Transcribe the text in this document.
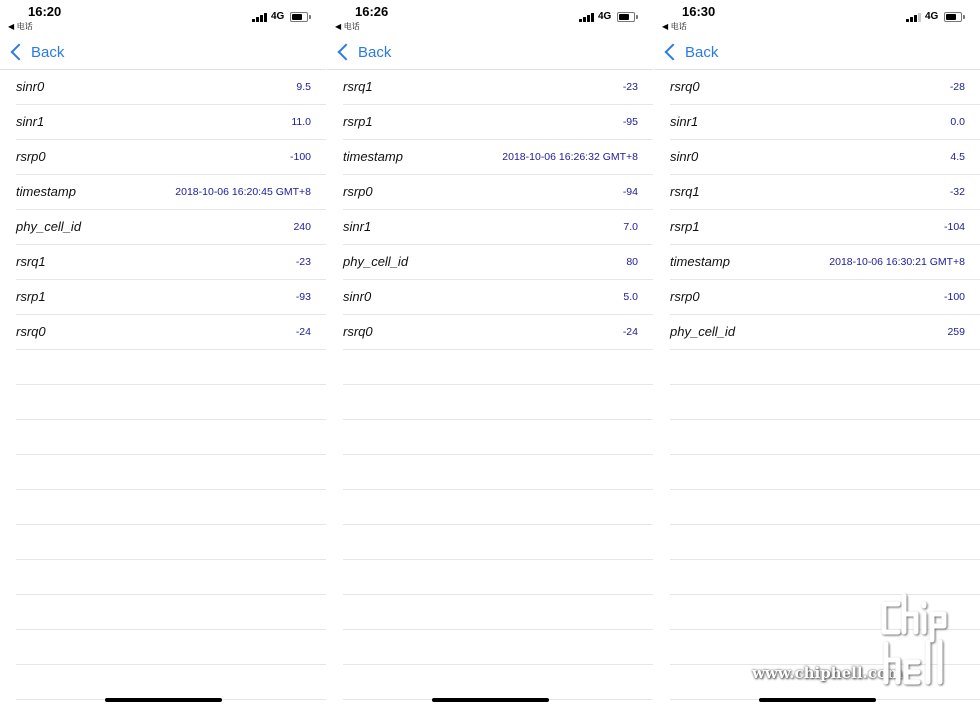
16:20
◀ 电话
4G
Back
sinr0	9.5
sinr1	11.0
rsrp0	-100
timestamp	2018-10-06 16:20:45 GMT+8
phy_cell_id	240
rsrq1	-23
rsrp1	-93
rsrq0	-24
16:26
◀ 电话
4G
Back
rsrq1	-23
rsrp1	-95
timestamp	2018-10-06 16:26:32 GMT+8
rsrp0	-94
sinr1	7.0
phy_cell_id	80
sinr0	5.0
rsrq0	-24
16:30
◀ 电话
4G
Back
rsrq0	-28
sinr1	0.0
sinr0	4.5
rsrq1	-32
rsrp1	-104
timestamp	2018-10-06 16:30:21 GMT+8
rsrp0	-100
phy_cell_id	259
www.chiphell.com
